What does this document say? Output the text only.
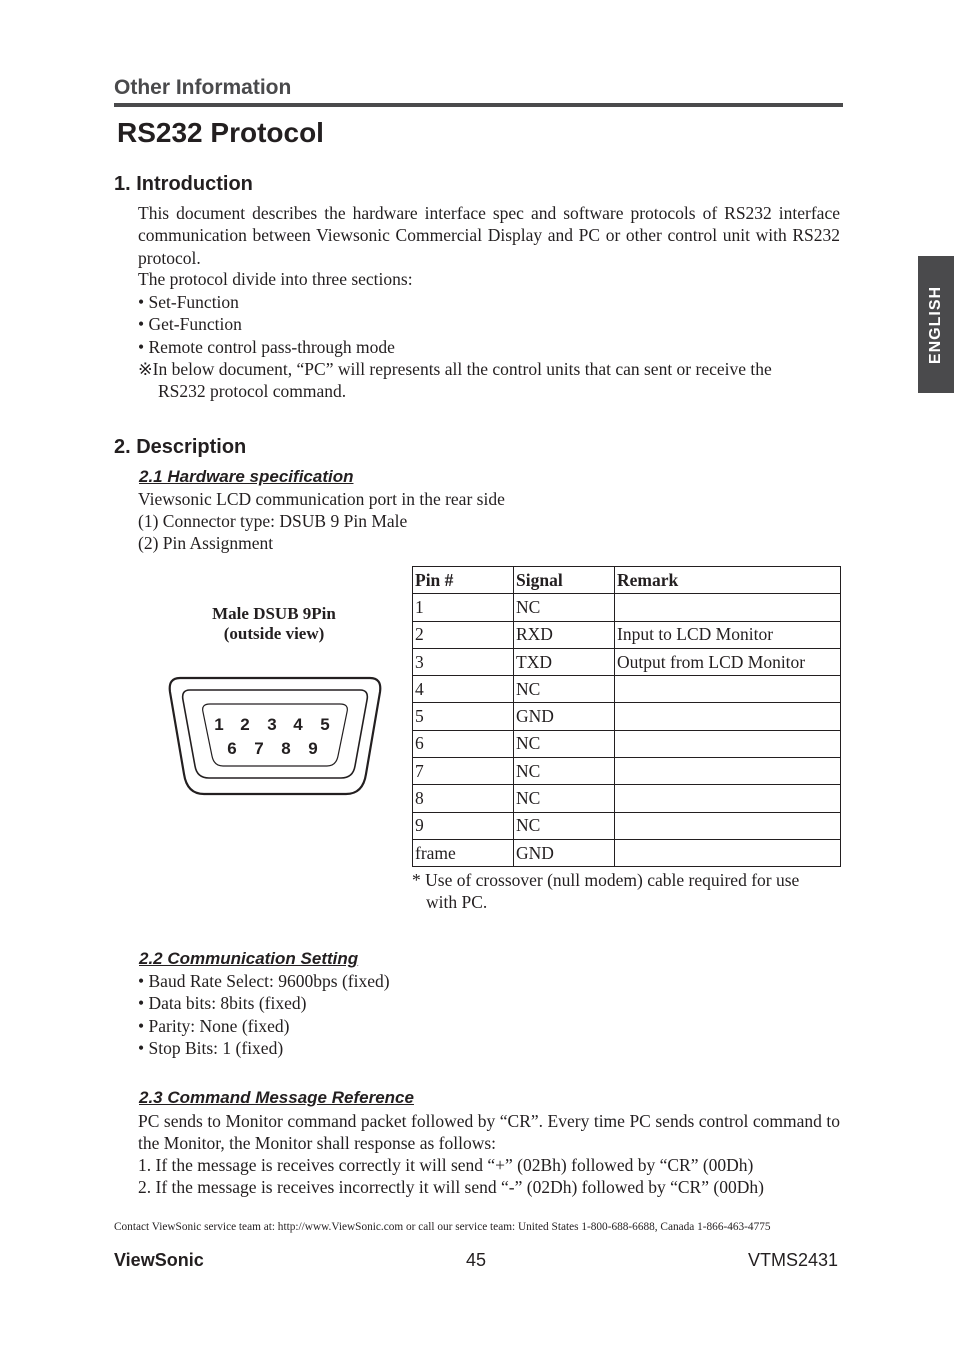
Other Information
RS232 Protocol
ENGLISH
1. Introduction
This document describes the hardware interface spec and software protocols of RS232 interface communication between Viewsonic Commercial Display and PC or other control unit with RS232 protocol.
The protocol divide into three sections:
• Set-Function
• Get-Function
• Remote control pass-through mode
※In below document, “PC” will represents all the control units that can sent or receive the
RS232 protocol command.
2. Description
2.1 Hardware specification
Viewsonic LCD communication port in the rear side
(1) Connector type: DSUB 9 Pin Male
(2) Pin Assignment
Male DSUB 9Pin
(outside view)
1 2 3 4 5
6 7 8 9
Pin #	Signal	Remark
1	NC	
2	RXD	Input to LCD Monitor
3	TXD	Output from LCD Monitor
4	NC	
5	GND	
6	NC	
7	NC	
8	NC	
9	NC	
frame	GND	
* Use of crossover (null modem) cable required for use
with PC.
2.2 Communication Setting
• Baud Rate Select: 9600bps (fixed)
• Data bits: 8bits (fixed)
• Parity: None (fixed)
• Stop Bits: 1 (fixed)
2.3 Command Message Reference
PC sends to Monitor command packet followed by “CR”. Every time PC sends control command to the Monitor, the Monitor shall response as follows:
1. If the message is receives correctly it will send “+” (02Bh) followed by “CR” (00Dh)
2. If the message is receives incorrectly it will send “-” (02Dh) followed by “CR” (00Dh)
Contact ViewSonic service team at: http://www.ViewSonic.com or call our service team: United States 1-800-688-6688, Canada 1-866-463-4775
ViewSonic	45	VTMS2431
